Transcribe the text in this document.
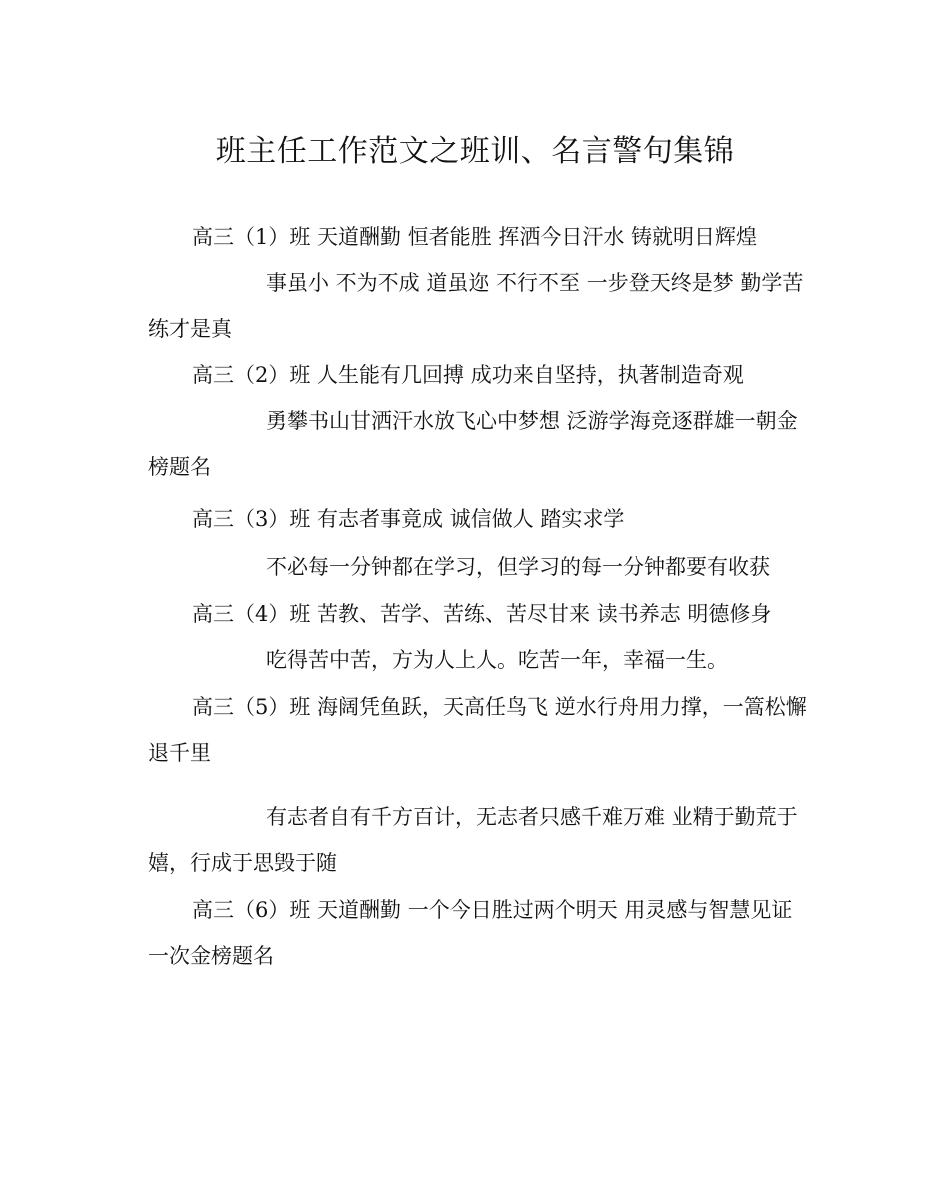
班主任工作范文之班训、名言警句集锦

高三（1）班 天道酬勤 恒者能胜 挥洒今日汗水 铸就明日辉煌

事虽小 不为不成 道虽迩 不行不至 一步登天终是梦 勤学苦练才是真

高三（2）班 人生能有几回搏 成功来自坚持，执著制造奇观

勇攀书山甘洒汗水放飞心中梦想 泛游学海竞逐群雄一朝金榜题名

高三（3）班 有志者事竟成 诚信做人 踏实求学

不必每一分钟都在学习，但学习的每一分钟都要有收获

高三（4）班 苦教、苦学、苦练、苦尽甘来 读书养志 明德修身

吃得苦中苦，方为人上人。吃苦一年，幸福一生。

高三（5）班 海阔凭鱼跃，天高任鸟飞 逆水行舟用力撑，一篙松懈退千里

有志者自有千方百计，无志者只感千难万难 业精于勤荒于嬉，行成于思毁于随

高三（6）班 天道酬勤 一个今日胜过两个明天 用灵感与智慧见证一次金榜题名
